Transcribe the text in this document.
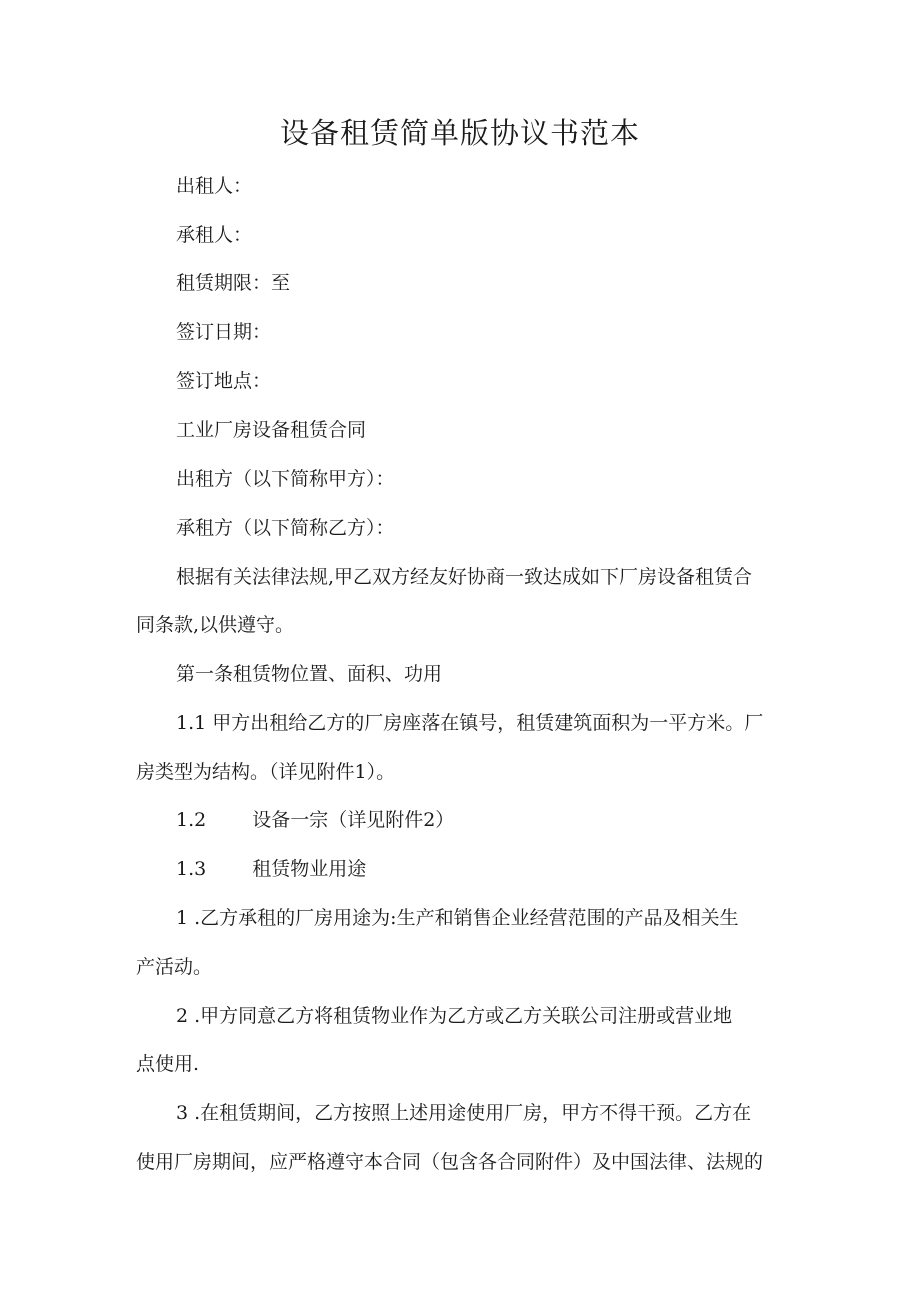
设备租赁简单版协议书范本

出租人：

承租人：

租赁期限：至

签订日期：

签订地点：

工业厂房设备租赁合同

出租方（以下简称甲方）：

承租方（以下简称乙方）：

根据有关法律法规,甲乙双方经友好协商一致达成如下厂房设备租赁合

同条款,以供遵守。

第一条租赁物位置、面积、功用

1.1 甲方出租给乙方的厂房座落在镇号，租赁建筑面积为一平方米。厂

房类型为结构。（详见附件1）。

1.2 设备一宗（详见附件2）

1.3 租赁物业用途

1 .乙方承租的厂房用途为:生产和销售企业经营范围的产品及相关生

产活动。

2 .甲方同意乙方将租赁物业作为乙方或乙方关联公司注册或营业地

点使用.

3 .在租赁期间，乙方按照上述用途使用厂房，甲方不得干预。乙方在

使用厂房期间，应严格遵守本合同（包含各合同附件）及中国法律、法规的
